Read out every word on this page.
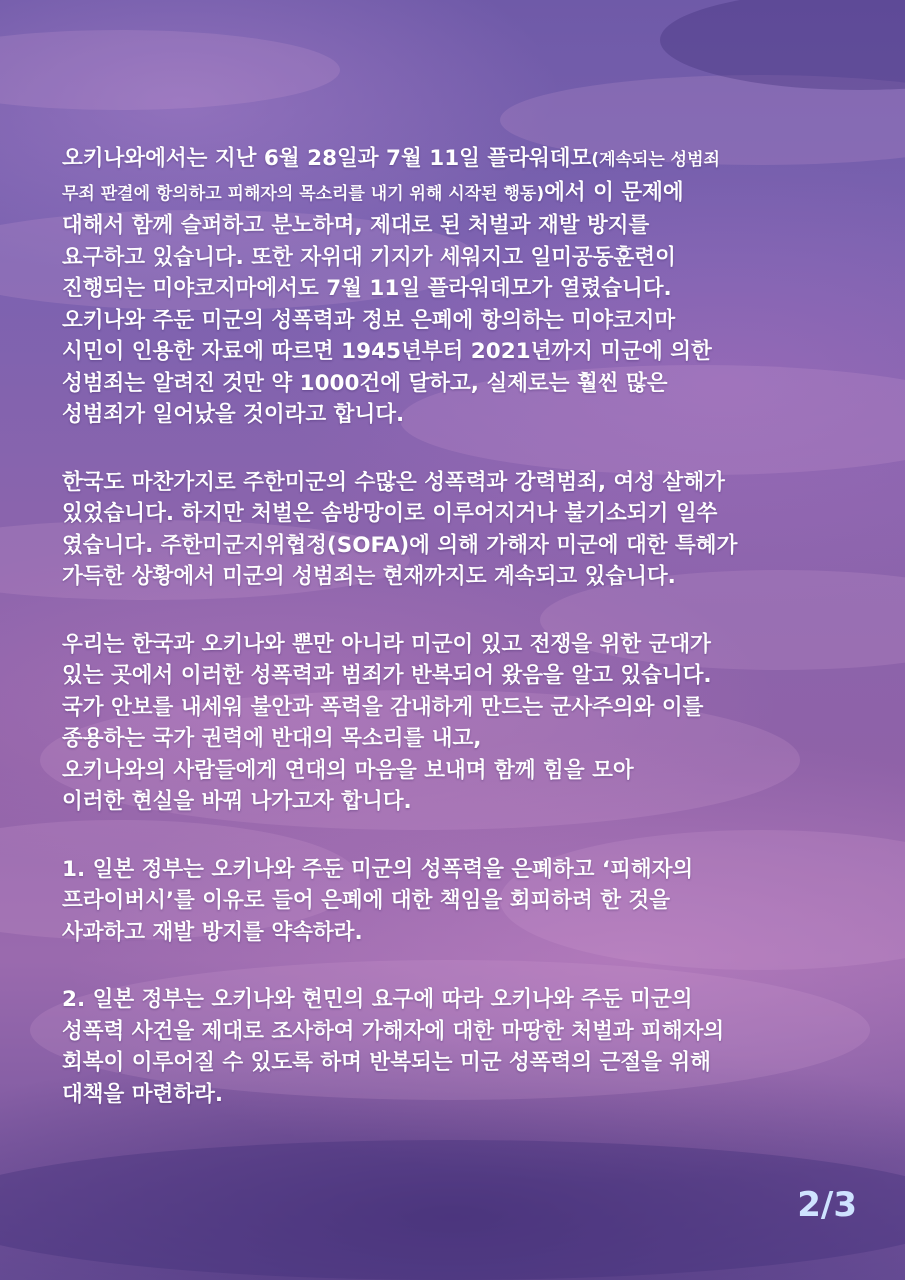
오키나와에서는 지난 6월 28일과 7월 11일 플라워데모(계속되는 성범죄
무죄 판결에 항의하고 피해자의 목소리를 내기 위해 시작된 행동)에서 이 문제에
대해서 함께 슬퍼하고 분노하며, 제대로 된 처벌과 재발 방지를
요구하고 있습니다. 또한 자위대 기지가 세워지고 일미공동훈련이
진행되는 미야코지마에서도 7월 11일 플라워데모가 열렸습니다.
오키나와 주둔 미군의 성폭력과 정보 은폐에 항의하는 미야코지마
시민이 인용한 자료에 따르면 1945년부터 2021년까지 미군에 의한
성범죄는 알려진 것만 약 1000건에 달하고, 실제로는 훨씬 많은
성범죄가 일어났을 것이라고 합니다.

한국도 마찬가지로 주한미군의 수많은 성폭력과 강력범죄, 여성 살해가
있었습니다. 하지만 처벌은 솜방망이로 이루어지거나 불기소되기 일쑤
였습니다. 주한미군지위협정(SOFA)에 의해 가해자 미군에 대한 특혜가
가득한 상황에서 미군의 성범죄는 현재까지도 계속되고 있습니다.

우리는 한국과 오키나와 뿐만 아니라 미군이 있고 전쟁을 위한 군대가
있는 곳에서 이러한 성폭력과 범죄가 반복되어 왔음을 알고 있습니다.
국가 안보를 내세워 불안과 폭력을 감내하게 만드는 군사주의와 이를
종용하는 국가 권력에 반대의 목소리를 내고,
오키나와의 사람들에게 연대의 마음을 보내며 함께 힘을 모아
이러한 현실을 바꿔 나가고자 합니다.

1. 일본 정부는 오키나와 주둔 미군의 성폭력을 은폐하고 ‘피해자의
프라이버시’를 이유로 들어 은폐에 대한 책임을 회피하려 한 것을
사과하고 재발 방지를 약속하라.

2. 일본 정부는 오키나와 현민의 요구에 따라 오키나와 주둔 미군의
성폭력 사건을 제대로 조사하여 가해자에 대한 마땅한 처벌과 피해자의
회복이 이루어질 수 있도록 하며 반복되는 미군 성폭력의 근절을 위해
대책을 마련하라.

2/3
